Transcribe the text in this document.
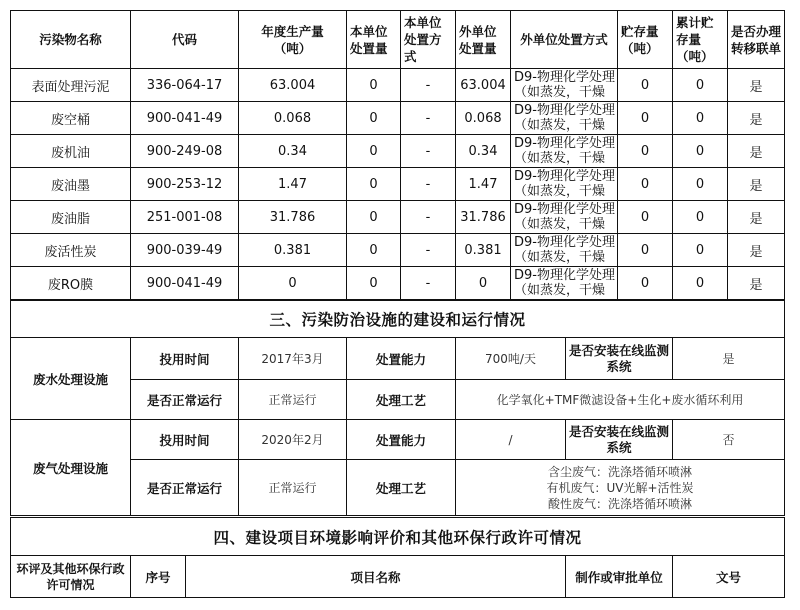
污染物名称	代码	年度生产量（吨）	本单位处置量	本单位处置方式	外单位处置量	外单位处置方式	贮存量（吨）	累计贮存量（吨）	是否办理转移联单
表面处理污泥	336-064-17	63.004	0	-	63.004	D9-物理化学处理（如蒸发，干燥	0	0	是
废空桶	900-041-49	0.068	0	-	0.068	D9-物理化学处理（如蒸发，干燥	0	0	是
废机油	900-249-08	0.34	0	-	0.34	D9-物理化学处理（如蒸发，干燥	0	0	是
废油墨	900-253-12	1.47	0	-	1.47	D9-物理化学处理（如蒸发，干燥	0	0	是
废油脂	251-001-08	31.786	0	-	31.786	D9-物理化学处理（如蒸发，干燥	0	0	是
废活性炭	900-039-49	0.381	0	-	0.381	D9-物理化学处理（如蒸发，干燥	0	0	是
废RO膜	900-041-49	0	0	-	0	D9-物理化学处理（如蒸发，干燥	0	0	是
三、污染防治设施的建设和运行情况						
废水处理设施	投用时间	2017年3月	处置能力	700吨/天	是否安装在线监测系统	是
	是否正常运行	正常运行	处理工艺	化学氧化+TMF微滤设备+生化+废水循环利用		
废气处理设施	投用时间	2020年2月	处置能力	/	是否安装在线监测系统	否
	是否正常运行	正常运行	处理工艺	含尘废气：洗涤塔循环喷淋
有机废气：UV光解+活性炭
酸性废气：洗涤塔循环喷淋		
四、建设项目环境影响评价和其他环保行政许可情况
环评及其他环保行政许可情况	序号	项目名称	制作或审批单位	文号
